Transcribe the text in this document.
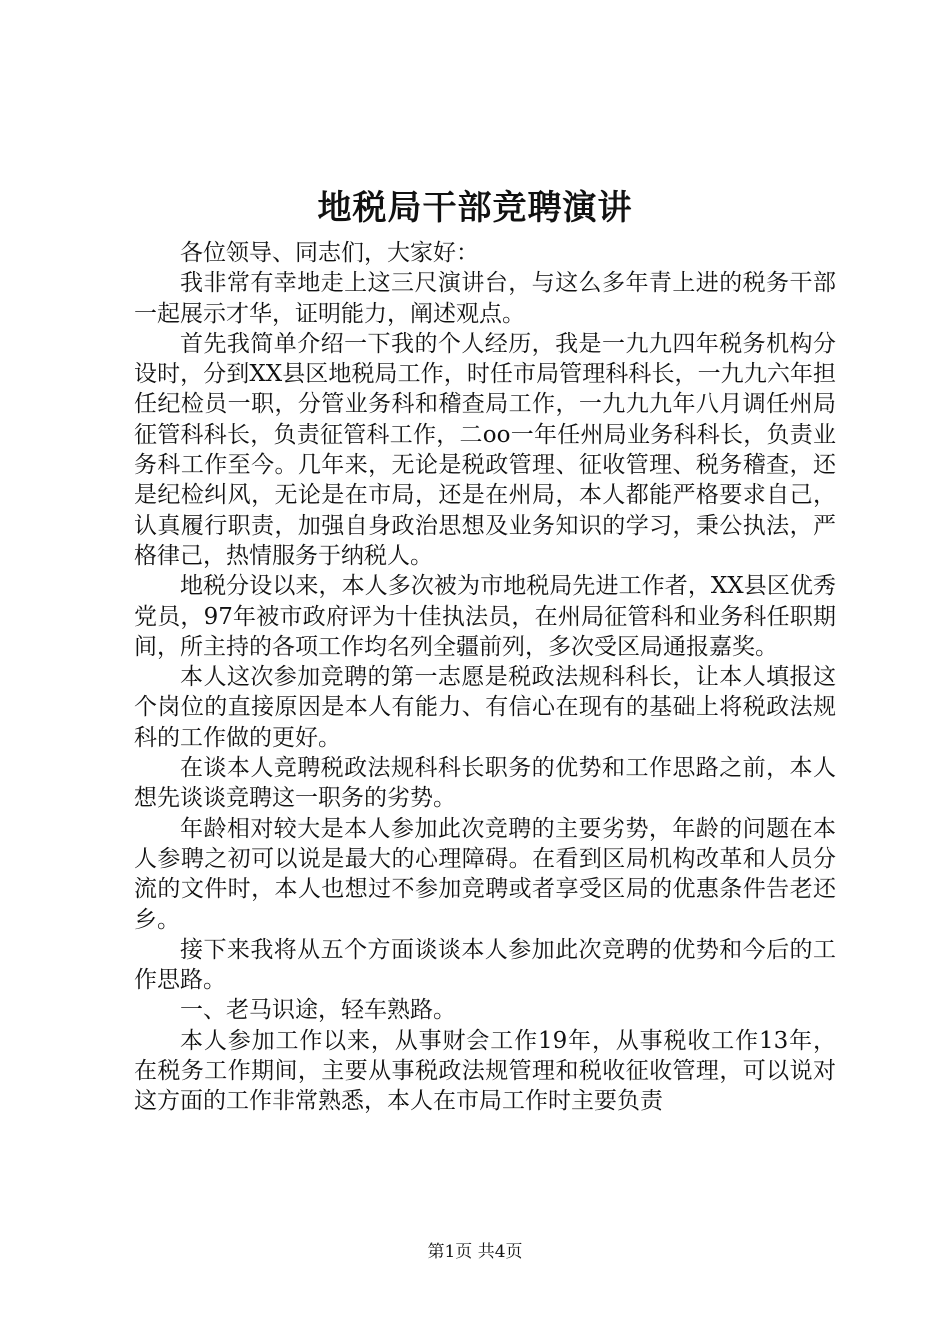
地税局干部竞聘演讲

各位领导、同志们，大家好：

我非常有幸地走上这三尺演讲台，与这么多年青上进的税务干部一起展示才华，证明能力，阐述观点。

首先我简单介绍一下我的个人经历，我是一九九四年税务机构分设时，分到XX县区地税局工作，时任市局管理科科长，一九九六年担任纪检员一职，分管业务科和稽查局工作，一九九九年八月调任州局征管科科长，负责征管科工作，二oo一年任州局业务科科长，负责业务科工作至今。几年来，无论是税政管理、征收管理、税务稽查，还是纪检纠风，无论是在市局，还是在州局，本人都能严格要求自己，认真履行职责，加强自身政治思想及业务知识的学习，秉公执法，严格律己，热情服务于纳税人。

地税分设以来，本人多次被为市地税局先进工作者，XX县区优秀党员，97年被市政府评为十佳执法员，在州局征管科和业务科任职期间，所主持的各项工作均名列全疆前列，多次受区局通报嘉奖。

本人这次参加竞聘的第一志愿是税政法规科科长，让本人填报这个岗位的直接原因是本人有能力、有信心在现有的基础上将税政法规科的工作做的更好。

在谈本人竞聘税政法规科科长职务的优势和工作思路之前，本人想先谈谈竞聘这一职务的劣势。

年龄相对较大是本人参加此次竞聘的主要劣势，年龄的问题在本人参聘之初可以说是最大的心理障碍。在看到区局机构改革和人员分流的文件时，本人也想过不参加竞聘或者享受区局的优惠条件告老还乡。

接下来我将从五个方面谈谈本人参加此次竞聘的优势和今后的工作思路。

一、老马识途，轻车熟路。

本人参加工作以来，从事财会工作19年，从事税收工作13年，在税务工作期间，主要从事税政法规管理和税收征收管理，可以说对这方面的工作非常熟悉，本人在市局工作时主要负责

第1页 共4页
